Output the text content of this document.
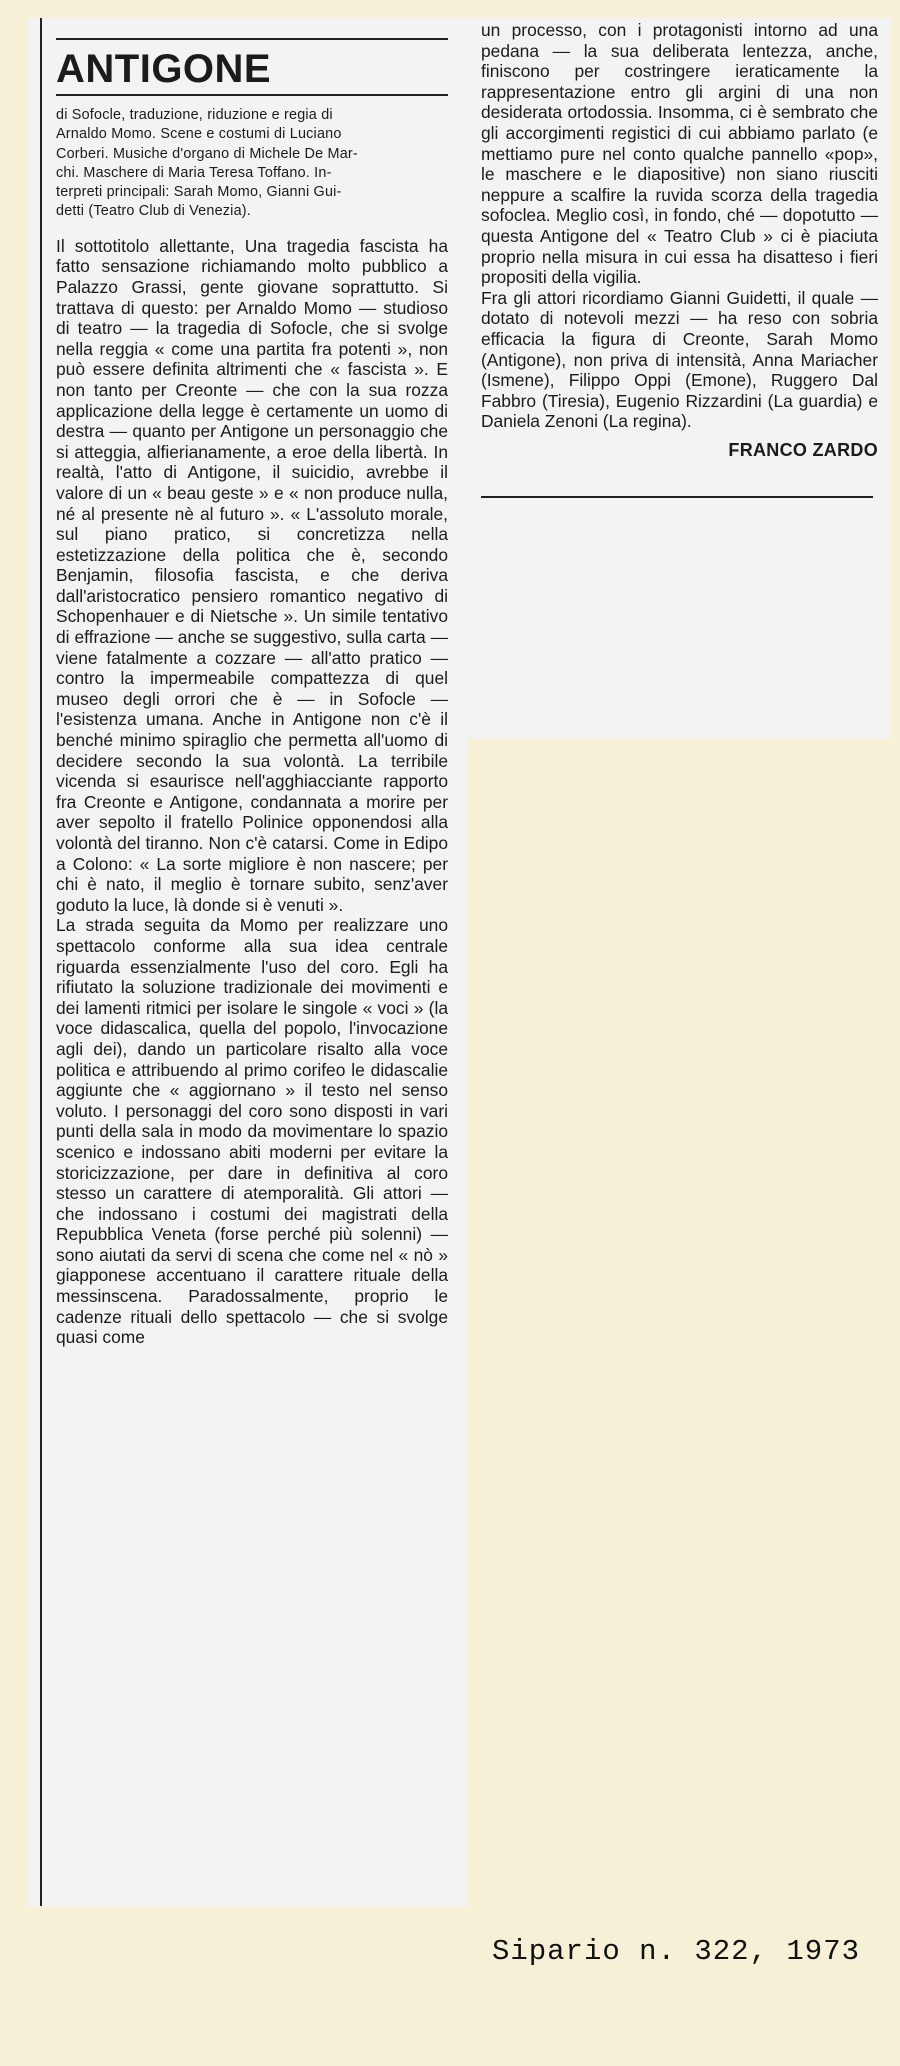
ANTIGONE

di Sofocle, traduzione, riduzione e regia di

Arnaldo Momo. Scene e costumi di Luciano

Corberi. Musiche d'organo di Michele De Mar-

chi. Maschere di Maria Teresa Toffano. In-

terpreti principali: Sarah Momo, Gianni Gui-

detti (Teatro Club di Venezia).

Il sottotitolo allettante, Una tragedia fascista ha fatto sensazione richiamando molto pubblico a Palazzo Grassi, gente giovane soprattutto. Si trattava di questo: per Arnaldo Momo — studioso di teatro — la tragedia di Sofocle, che si svolge nella reggia « come una partita fra potenti », non può essere definita altrimenti che « fascista ». E non tanto per Creonte — che con la sua rozza applicazione della legge è certamente un uomo di destra — quanto per Antigone un personaggio che si atteggia, alfierianamente, a eroe della libertà. In realtà, l'atto di Antigone, il suicidio, avrebbe il valore di un « beau geste » e « non produce nulla, né al presente nè al futuro ». « L'assoluto morale, sul piano pratico, si concretizza nella estetizzazione della politica che è, secondo Benjamin, filosofia fascista, e che deriva dall'aristocratico pensiero romantico negativo di Schopenhauer e di Nietsche ». Un simile tentativo di effrazione — anche se suggestivo, sulla carta — viene fatalmente a cozzare — all'atto pratico — contro la impermeabile compattezza di quel museo degli orrori che è — in Sofocle — l'esistenza umana. Anche in Antigone non c'è il benché minimo spiraglio che permetta all'uomo di decidere secondo la sua volontà. La terribile vicenda si esaurisce nell'agghiacciante rapporto fra Creonte e Antigone, condannata a morire per aver sepolto il fratello Polinice opponendosi alla volontà del tiranno. Non c'è catarsi. Come in Edipo a Colono: « La sorte migliore è non nascere; per chi è nato, il meglio è tornare subito, senz'aver goduto la luce, là donde si è venuti ».

La strada seguita da Momo per realizzare uno spettacolo conforme alla sua idea centrale riguarda essenzialmente l'uso del coro. Egli ha rifiutato la soluzione tradizionale dei movimenti e dei lamenti ritmici per isolare le singole « voci » (la voce didascalica, quella del popolo, l'invocazione agli dei), dando un particolare risalto alla voce politica e attribuendo al primo corifeo le didascalie aggiunte che « aggiornano » il testo nel senso voluto. I personaggi del coro sono disposti in vari punti della sala in modo da movimentare lo spazio scenico e indossano abiti moderni per evitare la storicizzazione, per dare in definitiva al coro stesso un carattere di atemporalità. Gli attori — che indossano i costumi dei magistrati della Repubblica Veneta (forse perché più solenni) — sono aiutati da servi di scena che come nel « nò » giapponese accentuano il carattere rituale della messinscena. Paradossalmente, proprio le cadenze rituali dello spettacolo — che si svolge quasi come

un processo, con i protagonisti intorno ad una pedana — la sua deliberata lentezza, anche, finiscono per costringere ieraticamente la rappresentazione entro gli argini di una non desiderata ortodossia. Insomma, ci è sembrato che gli accorgimenti registici di cui abbiamo parlato (e mettiamo pure nel conto qualche pannello «pop», le maschere e le diapositive) non siano riusciti neppure a scalfire la ruvida scorza della tragedia sofoclea. Meglio così, in fondo, ché — dopotutto — questa Antigone del « Teatro Club » ci è piaciuta proprio nella misura in cui essa ha disatteso i fieri propositi della vigilia.

Fra gli attori ricordiamo Gianni Guidetti, il quale — dotato di notevoli mezzi — ha reso con sobria efficacia la figura di Creonte, Sarah Momo (Antigone), non priva di intensità, Anna Mariacher (Ismene), Filippo Oppi (Emone), Ruggero Dal Fabbro (Tiresia), Eugenio Rizzardini (La guardia) e Daniela Zenoni (La regina).

FRANCO ZARDO
Sipario n. 322, 1973
